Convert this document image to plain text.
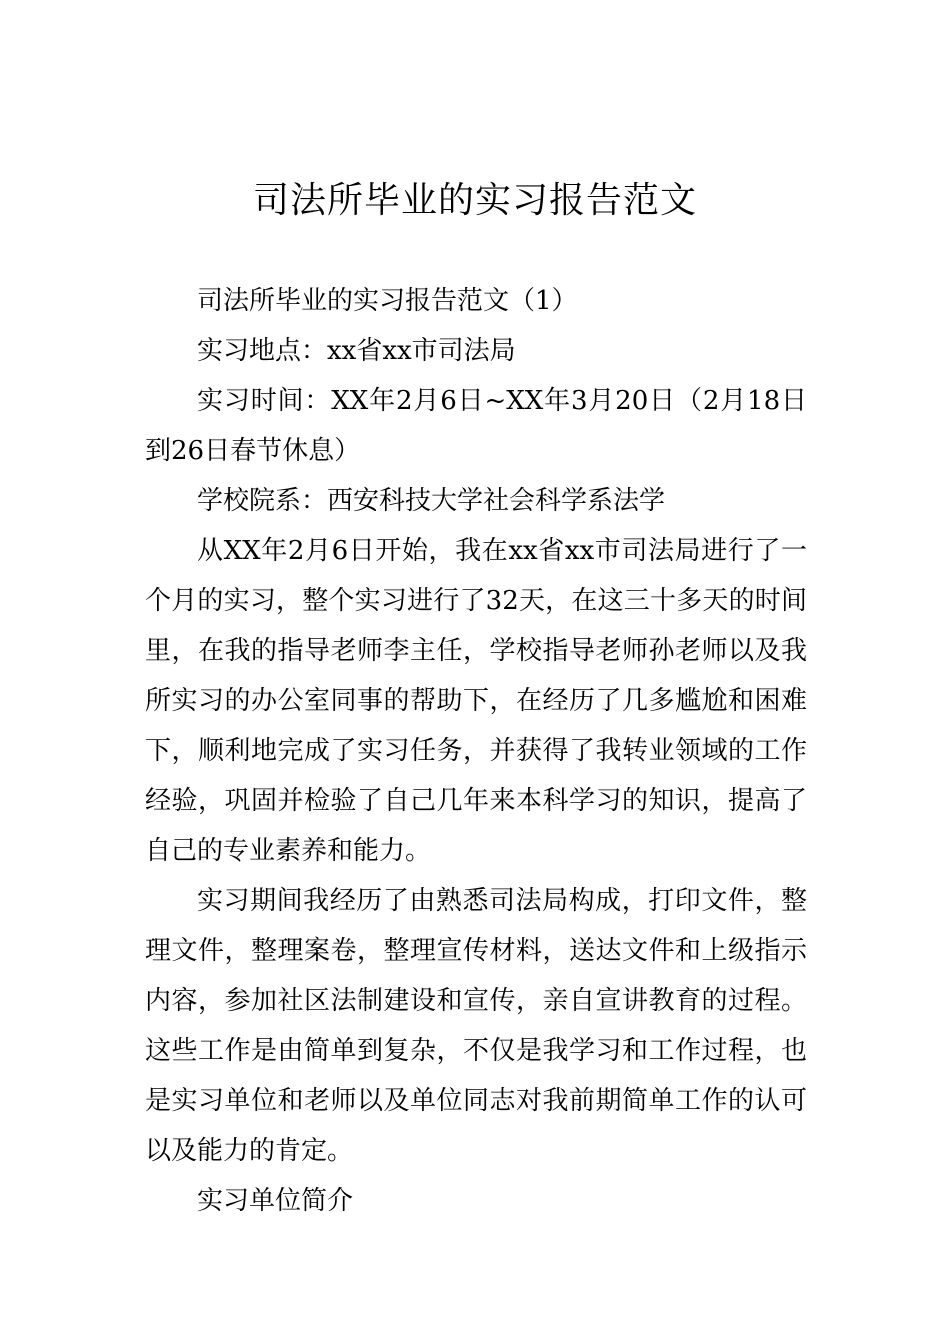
司法所毕业的实习报告范文

司法所毕业的实习报告范文（1）

实习地点：xx省xx市司法局

实习时间：XX年2月6日~XX年3月20日（2月18日到26日春节休息）

学校院系：西安科技大学社会科学系法学

从XX年2月6日开始，我在xx省xx市司法局进行了一个月的实习，整个实习进行了32天，在这三十多天的时间里，在我的指导老师李主任，学校指导老师孙老师以及我所实习的办公室同事的帮助下，在经历了几多尴尬和困难下，顺利地完成了实习任务，并获得了我转业领域的工作经验，巩固并检验了自己几年来本科学习的知识，提高了自己的专业素养和能力。

实习期间我经历了由熟悉司法局构成，打印文件，整理文件，整理案卷，整理宣传材料，送达文件和上级指示内容，参加社区法制建设和宣传，亲自宣讲教育的过程。这些工作是由简单到复杂，不仅是我学习和工作过程，也是实习单位和老师以及单位同志对我前期简单工作的认可以及能力的肯定。

实习单位简介
